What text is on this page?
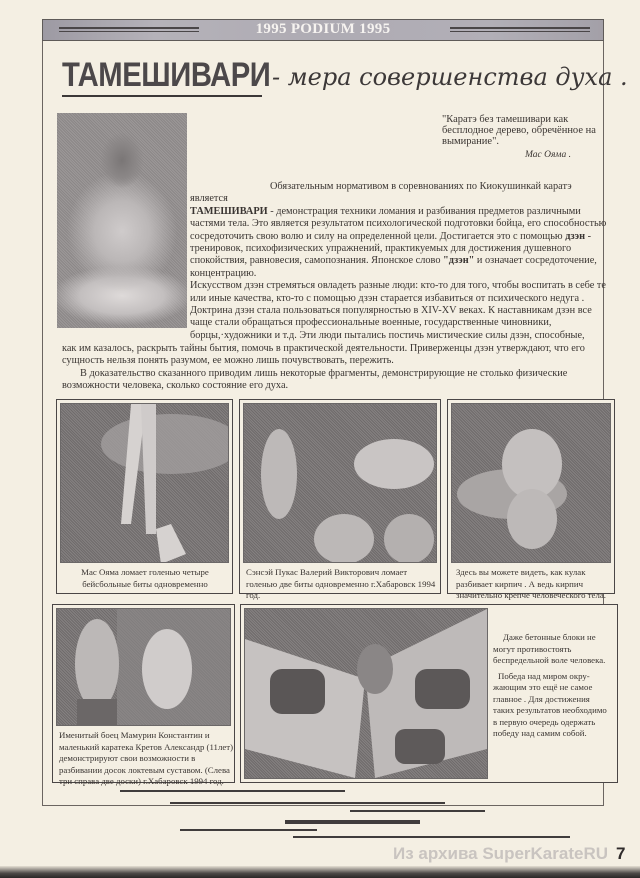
1995 PODIUM 1995
ТАМЕШИВАРИ - мера совершенства духа .
"Каратэ без тамешивари как бесплодное дерево, обречённое на вымирание".
Мас Ояма .
Обязательным нормативом в соревнованиях по Киокушинкай каратэ является
ТАМЕШИВАРИ - демонстрация техники ломания и разбивания предметов различными частями тела. Это является результатом психологической подготовки бойца, его способностью сосредоточить свою волю и силу на определенной цели. Достигается это с помощью дзэн - тренировок, психофизических упражнений, практикуемых для достижения душевного спокойствия, равновесия, самопознания. Японское слово "дзэн" и означает сосредоточение, концентрацию.
Искусством дзэн стремяться овладеть разные люди: кто-то для того, чтобы воспитать в себе те или иные качества, кто-то с помощью дзэн старается избавиться от психического недуга .
Доктрина дзэн стала пользоваться популярностью в XIV-XV веках. К наставникам дзэн все чаще стали обращаться профессиональные военные, государственные чиновники, борцы,·художники и т.д. Эти люди пытались постичь мистические силы дзэн, способные,
как им казалось, раскрыть тайны бытия, помочь в практической деятельности. Приверженцы дзэн утверждают, что его сущность нельзя понять разумом, ее можно лишь почувствовать, пережить.
В доказательство сказанного приводим лишь некоторые фрагменты, демонстрирующие не столько физические возможности человека, сколько состояние его духа.
Мас Ояма ломает голенью четыре бейсбольные биты одновременно
Сэнсэй Пукас Валерий Викторович ломает голенью две биты одновременно г.Хабаровск 1994 год.
Здесь вы можете видеть, как кулак разбивает кирпич . А ведь кирпич значительно крепче человеческого тела.
Именитый боец Мамурин Константин и маленький каратека Кретов Александр (11лет) демонстрируют свои возможности в разбивании досок локтевым суставом. (Слева три справа две доски) г.Хабаровск 1994 год.
Даже бетонные блоки не могут противостоять беспредельной воле человека.
Победа над миром окру-жающим это ещё не самое главное . Для достижения таких результатов необходимо в первую очередь одержать победу над самим собой.
Из архива SuperKarateRU 7
